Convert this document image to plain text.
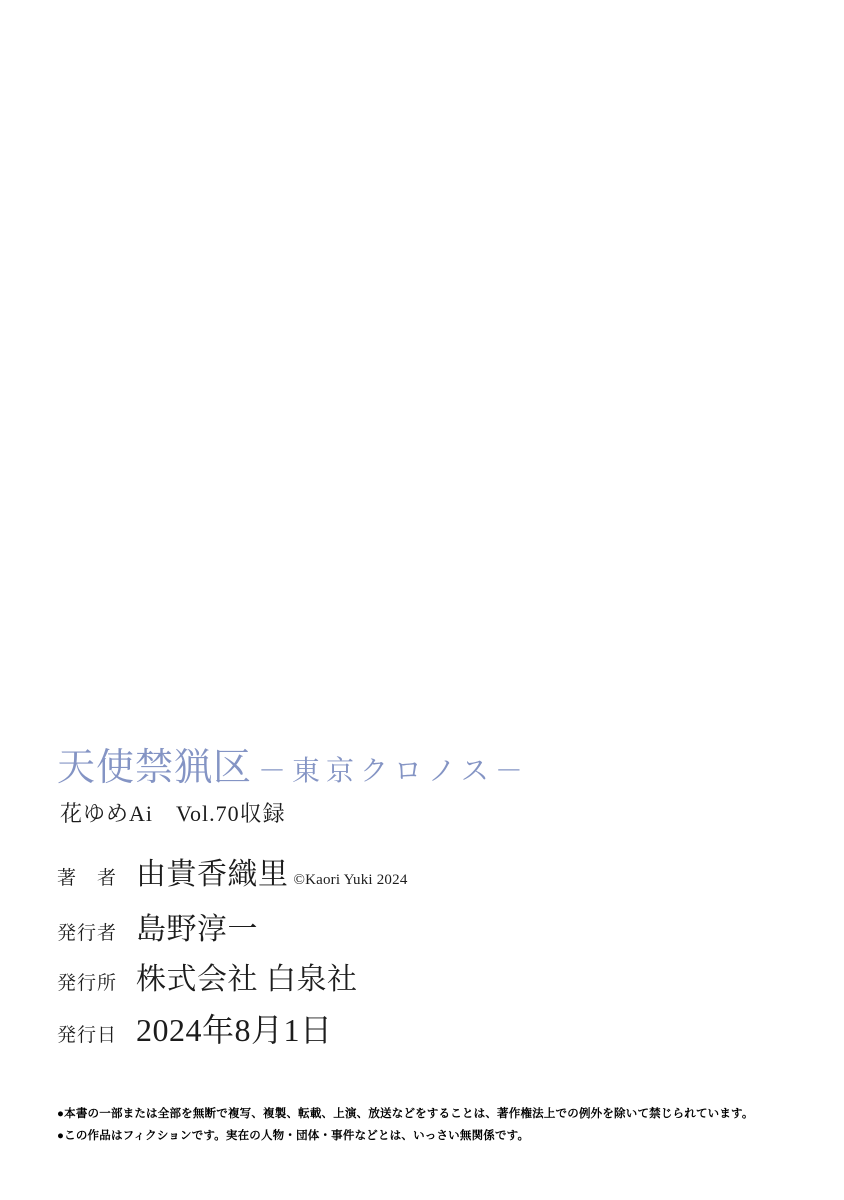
天使禁猟区 －東京クロノス－
花ゆめAi　Vol.70収録
著　者 由貴香織里 ©Kaori Yuki 2024
発行者 島野淳一
発行所 株式会社 白泉社
発行日 2024年8月1日
●本書の一部または全部を無断で複写、複製、転載、上演、放送などをすることは、著作権法上での例外を除いて禁じられています。
●この作品はフィクションです。実在の人物・団体・事件などとは、いっさい無関係です。
